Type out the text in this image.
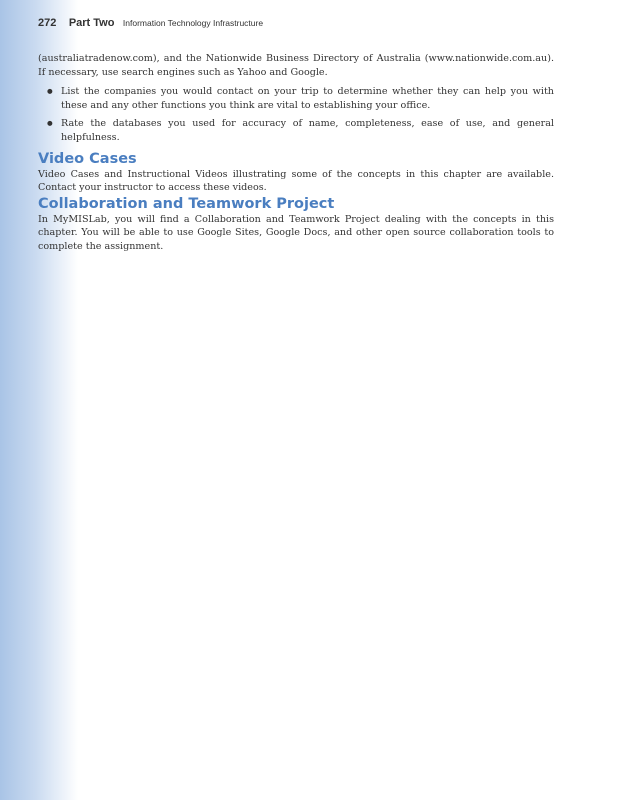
272 Part Two Information Technology Infrastructure

(australiatradenow.com), and the Nationwide Business Directory of Australia (www.nationwide.com.au). If necessary, use search engines such as Yahoo and Google.

● List the companies you would contact on your trip to determine whether they can help you with these and any other functions you think are vital to establishing your office.
● Rate the databases you used for accuracy of name, completeness, ease of use, and general helpfulness.
Video Cases

Video Cases and Instructional Videos illustrating some of the concepts in this chapter are available. Contact your instructor to access these videos.

Collaboration and Teamwork Project

In MyMISLab, you will find a Collaboration and Teamwork Project dealing with the concepts in this chapter. You will be able to use Google Sites, Google Docs, and other open source collaboration tools to complete the assignment.
